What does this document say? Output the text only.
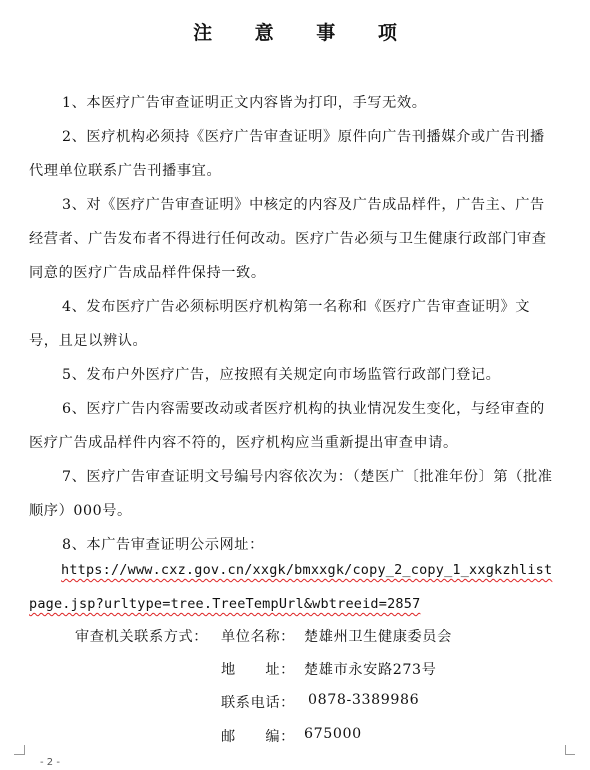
注 意 事 项

1、本医疗广告审查证明正文内容皆为打印，手写无效。

2、医疗机构必须持《医疗广告审查证明》原件向广告刊播媒介或广告刊播代理单位联系广告刊播事宜。

3、对《医疗广告审查证明》中核定的内容及广告成品样件，广告主、广告经营者、广告发布者不得进行任何改动。医疗广告必须与卫生健康行政部门审查同意的医疗广告成品样件保持一致。

4、发布医疗广告必须标明医疗机构第一名称和《医疗广告审查证明》文号，且足以辨认。

5、发布户外医疗广告，应按照有关规定向市场监管行政部门登记。

6、医疗广告内容需要改动或者医疗机构的执业情况发生变化，与经审查的医疗广告成品样件内容不符的，医疗机构应当重新提出审查申请。

7、医疗广告审查证明文号编号内容依次为：（楚医广〔批准年份〕第（批准顺序）000号。

8、本广告审查证明公示网址：

https://www.cxz.gov.cn/xxgk/bmxxgk/copy_2_copy_1_xxgkzhlist
page.jsp?urltype=tree.TreeTempUrl&wbtreeid=2857
审查机关联系方式： 单位名称： 楚雄州卫生健康委员会
地　　址： 楚雄市永安路273号
联系电话： 0878-3389986
邮　　编： 675000
- 2 -
